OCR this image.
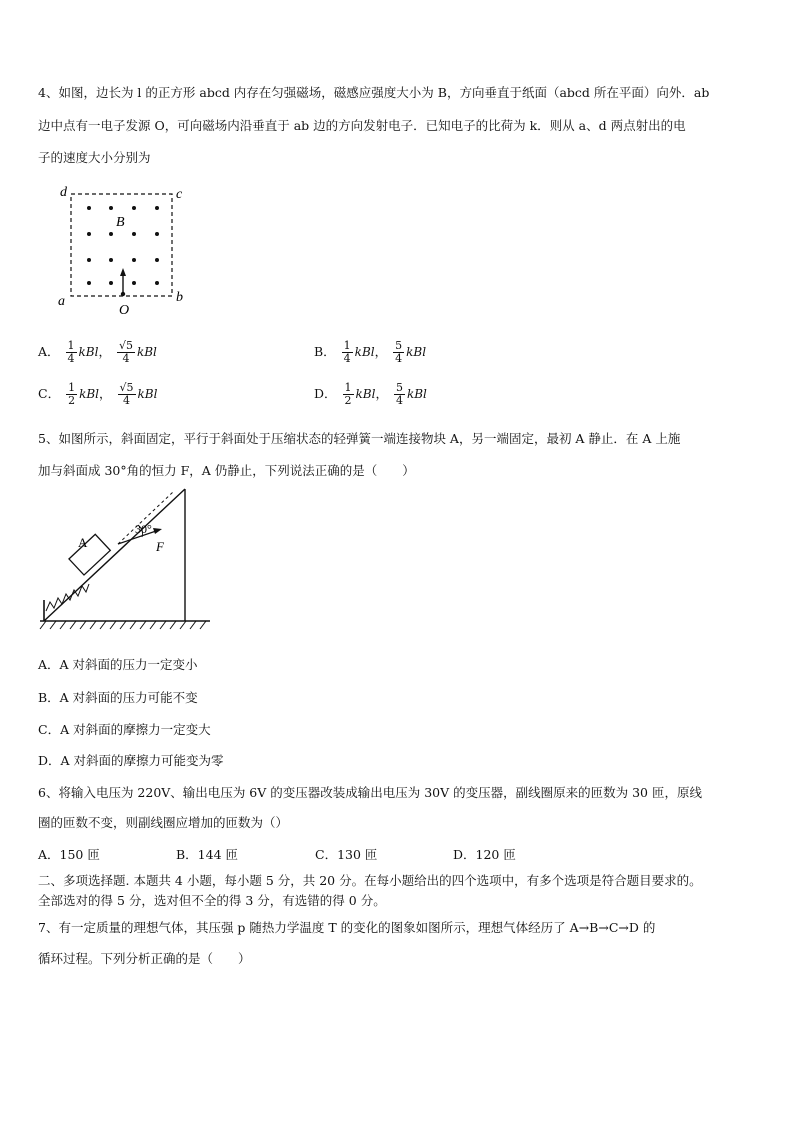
4、如图，边长为 l 的正方形 abcd 内存在匀强磁场，磁感应强度大小为 B，方向垂直于纸面（abcd 所在平面）向外．ab
边中点有一电子发源 O，可向磁场内沿垂直于 ab 边的方向发射电子．已知电子的比荷为 k．则从 a、d 两点射出的电
子的速度大小分别为
d	c
a	b
B
O
A． $\frac{1}{4}$ kBl， $\frac{√5}{4}$ kBl	B． $\frac{1}{4}$ kBl， $\frac{5}{4}$ kBl
C． $\frac{1}{2}$ kBl， $\frac{√5}{4}$ kBl	D． $\frac{1}{2}$ kBl， $\frac{5}{4}$ kBl
5、如图所示，斜面固定，平行于斜面处于压缩状态的轻弹簧一端连接物块 A，另一端固定，最初 A 静止．在 A 上施
加与斜面成 30°角的恒力 F，A 仍静止，下列说法正确的是（　　）
A
30°
F
A．A 对斜面的压力一定变小
B．A 对斜面的压力可能不变
C．A 对斜面的摩擦力一定变大
D．A 对斜面的摩擦力可能变为零
6、将输入电压为 220V、输出电压为 6V 的变压器改装成输出电压为 30V 的变压器，副线圈原来的匝数为 30 匝，原线
圈的匝数不变，则副线圈应增加的匝数为（）
A．150 匝	B．144 匝	C．130 匝	D．120 匝
二、多项选择题. 本题共 4 小题，每小题 5 分，共 20 分。在每小题给出的四个选项中，有多个选项是符合题目要求的。
全部选对的得 5 分，选对但不全的得 3 分，有选错的得 0 分。
7、有一定质量的理想气体，其压强 p 随热力学温度 T 的变化的图象如图所示，理想气体经历了 A→B→C→D 的
循环过程。下列分析正确的是（　　）
